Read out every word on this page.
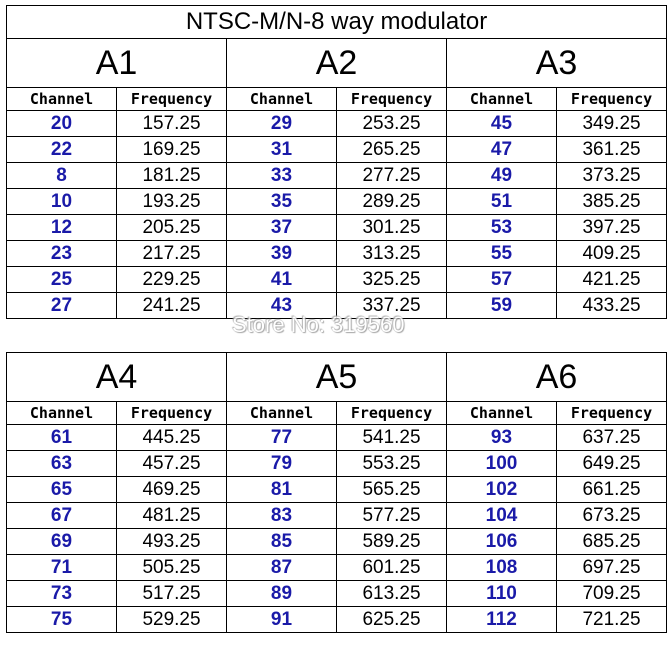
NTSC-M/N-8 way modulator					
A1		A2		A3	
Channel	Frequency	Channel	Frequency	Channel	Frequency
20	157.25	29	253.25	45	349.25
22	169.25	31	265.25	47	361.25
8	181.25	33	277.25	49	373.25
10	193.25	35	289.25	51	385.25
12	205.25	37	301.25	53	397.25
23	217.25	39	313.25	55	409.25
25	229.25	41	325.25	57	421.25
27	241.25	43	337.25	59	433.25
A4		A5		A6	
Channel	Frequency	Channel	Frequency	Channel	Frequency
61	445.25	77	541.25	93	637.25
63	457.25	79	553.25	100	649.25
65	469.25	81	565.25	102	661.25
67	481.25	83	577.25	104	673.25
69	493.25	85	589.25	106	685.25
71	505.25	87	601.25	108	697.25
73	517.25	89	613.25	110	709.25
75	529.25	91	625.25	112	721.25
Store No: 319560
